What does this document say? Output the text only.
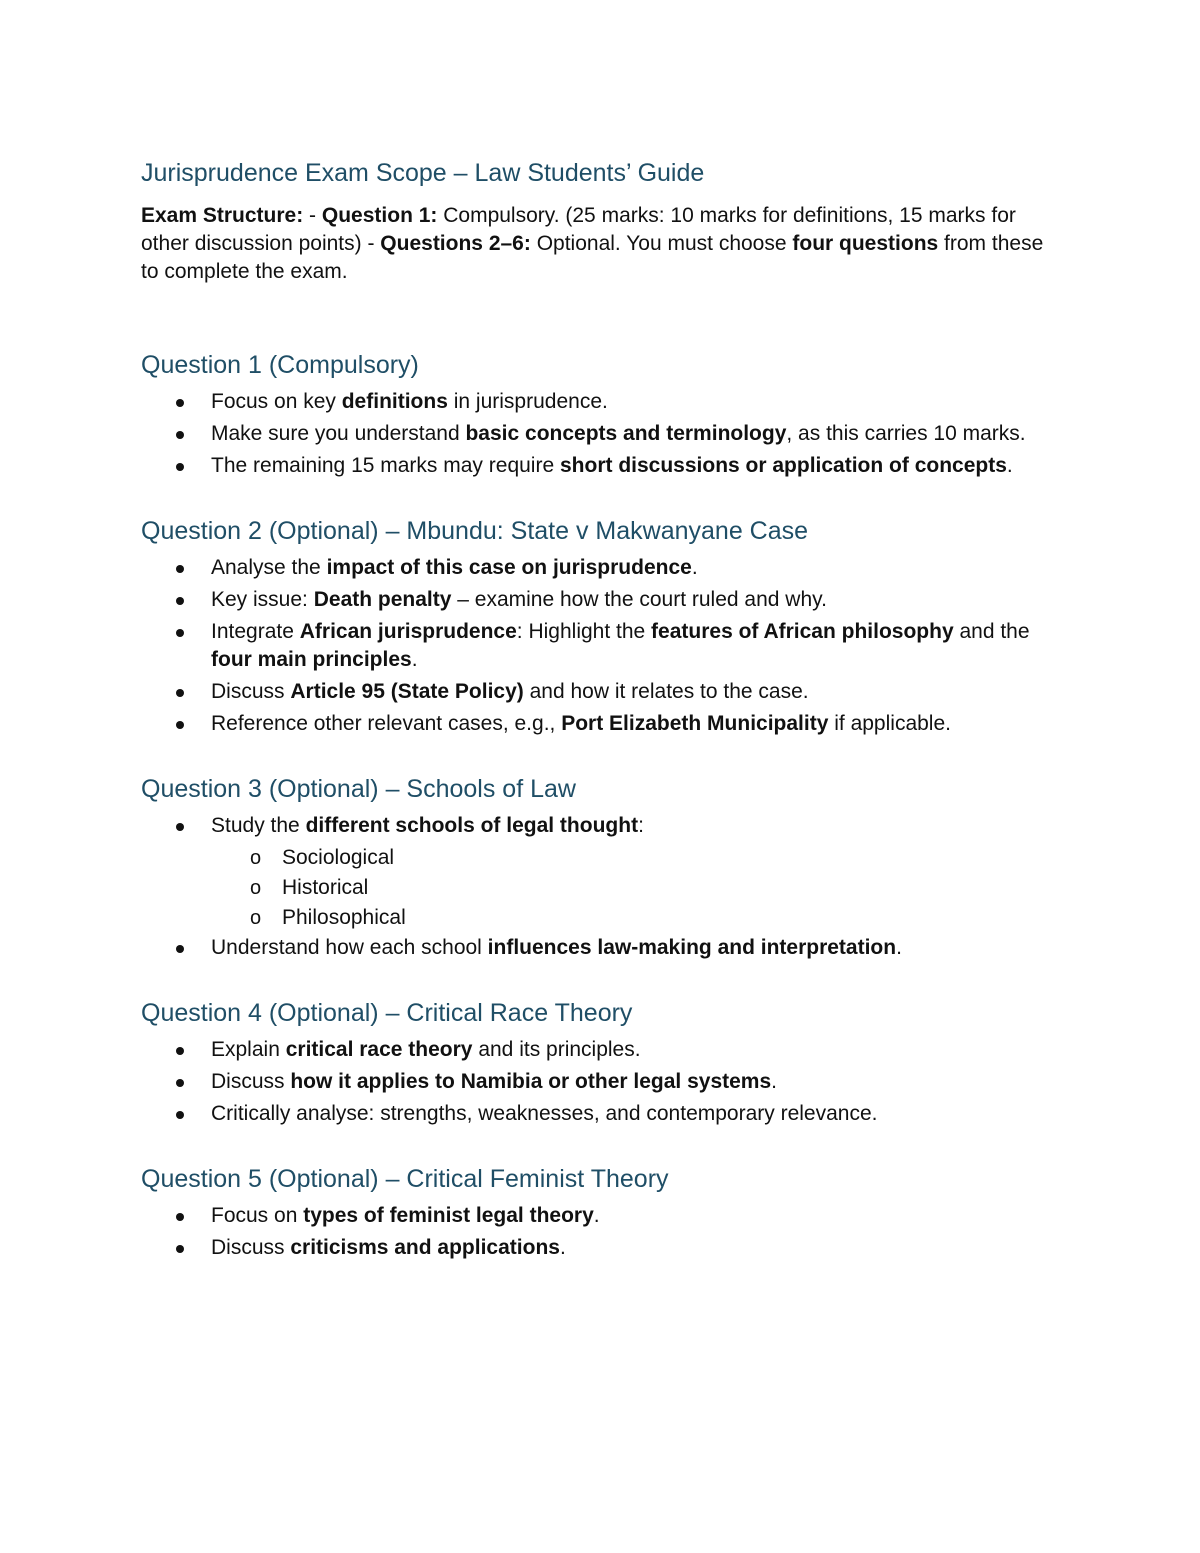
Jurisprudence Exam Scope – Law Students’ Guide

Exam Structure: - Question 1: Compulsory. (25 marks: 10 marks for definitions, 15 marks for other discussion points) - Questions 2–6: Optional. You must choose four questions from these to complete the exam.

Question 1 (Compulsory)
Focus on key definitions in jurisprudence.
Make sure you understand basic concepts and terminology, as this carries 10 marks.
The remaining 15 marks may require short discussions or application of concepts.
Question 2 (Optional) – Mbundu: State v Makwanyane Case
Analyse the impact of this case on jurisprudence.
Key issue: Death penalty – examine how the court ruled and why.
Integrate African jurisprudence: Highlight the features of African philosophy and the four main principles.
Discuss Article 95 (State Policy) and how it relates to the case.
Reference other relevant cases, e.g., Port Elizabeth Municipality if applicable.
Question 3 (Optional) – Schools of Law
Study the different schools of legal thought:
o Sociological
o Historical
o Philosophical
Understand how each school influences law-making and interpretation.
Question 4 (Optional) – Critical Race Theory
Explain critical race theory and its principles.
Discuss how it applies to Namibia or other legal systems.
Critically analyse: strengths, weaknesses, and contemporary relevance.
Question 5 (Optional) – Critical Feminist Theory
Focus on types of feminist legal theory.
Discuss criticisms and applications.
